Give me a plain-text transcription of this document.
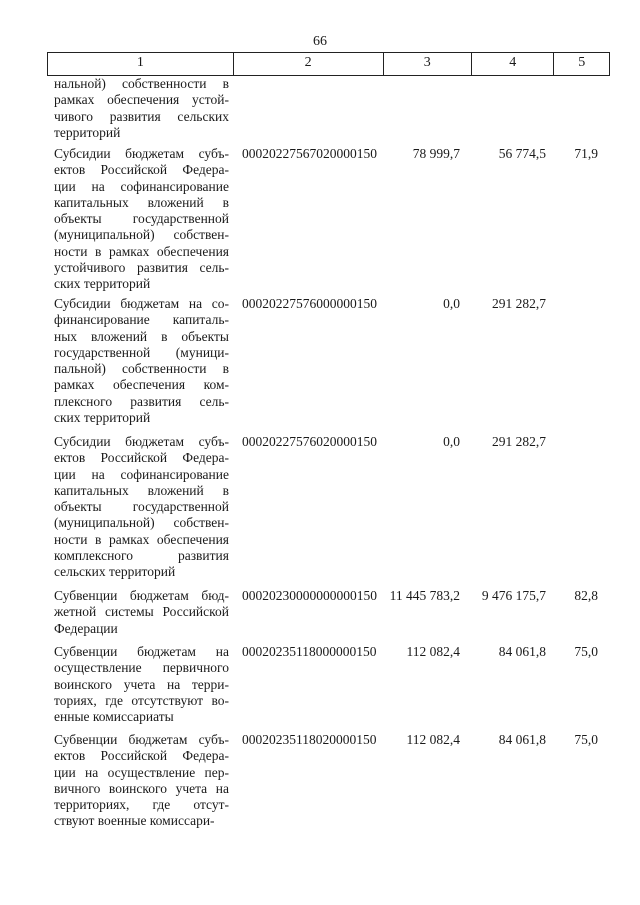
66
1	2	3	4	5
нальной) собственности в
рамках обеспечения устой-
чивого развития сельских
территорий
Субсидии бюджетам субъ-
ектов Российской Федера-
ции на софинансирование
капитальных вложений в
объекты государственной
(муниципальной) собствен-
ности в рамках обеспечения
устойчивого развития сель-
ских территорий
00020227567020000150	78 999,7	56 774,5	71,9
Субсидии бюджетам на со-
финансирование капиталь-
ных вложений в объекты
государственной (муници-
пальной) собственности в
рамках обеспечения ком-
плексного развития сель-
ских территорий
00020227576000000150	0,0	291 282,7
Субсидии бюджетам субъ-
ектов Российской Федера-
ции на софинансирование
капитальных вложений в
объекты государственной
(муниципальной) собствен-
ности в рамках обеспечения
комплексного развития
сельских территорий
00020227576020000150	0,0	291 282,7
Субвенции бюджетам бюд-
жетной системы Российской
Федерации
00020230000000000150 11 445 783,2	9 476 175,7	82,8
Субвенции бюджетам на
осуществление первичного
воинского учета на терри-
ториях, где отсутствуют во-
енные комиссариаты
00020235118000000150	112 082,4	84 061,8	75,0
Субвенции бюджетам субъ-
ектов Российской Федера-
ции на осуществление пер-
вичного воинского учета на
территориях, где отсут-
ствуют военные комиссари-
00020235118020000150	112 082,4	84 061,8	75,0
